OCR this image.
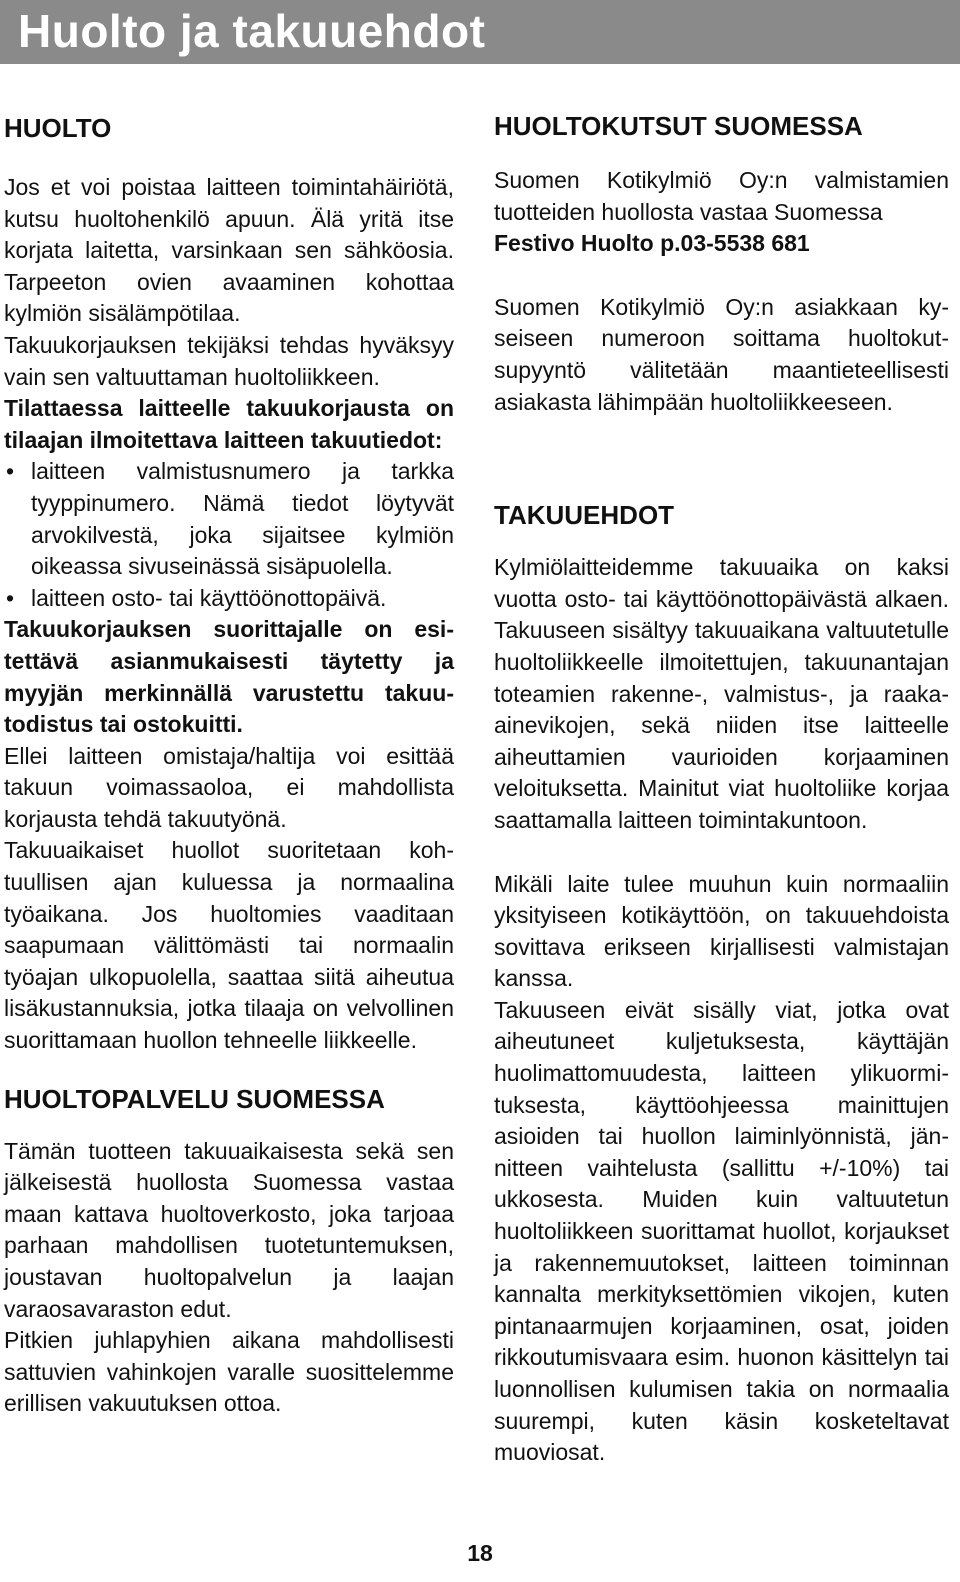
Huolto ja takuuehdot
HUOLTO

Jos et voi poistaa laitteen toimintahäiriötä, kutsu huoltohenkilö apuun. Älä yritä itse korjata laitetta, varsinkaan sen sähköosia. Tarpeeton ovien avaaminen kohottaa kylmiön sisälämpötilaa.

Takuukorjauksen tekijäksi tehdas hyväksyy vain sen valtuuttaman huoltoliikkeen.

Tilattaessa laitteelle takuukorjausta on tilaajan ilmoitettava laitteen takuutiedot:

• laitteen valmistusnumero ja tarkka tyyppinumero. Nämä tiedot löytyvät arvokilvestä, joka sijaitsee kylmiön oikeassa sivuseinässä sisäpuolella.
• laitteen osto- tai käyttöönottopäivä.

Takuukorjauksen suorittajalle on esitettävä asianmukaisesti täytetty ja myyjän merkinnällä varustettu takuutodistus tai ostokuitti.

Ellei laitteen omistaja/haltija voi esittää takuun voimassaoloa, ei mahdollista korjausta tehdä takuutyönä.

Takuuaikaiset huollot suoritetaan kohtuullisen ajan kuluessa ja normaalina työaikana. Jos huoltomies vaaditaan saapumaan välittömästi tai normaalin työajan ulkopuolella, saattaa siitä aiheutua lisäkustannuksia, jotka tilaaja on velvollinen suorittamaan huollon tehneelle liikkeelle.

HUOLTOPALVELU SUOMESSA

Tämän tuotteen takuuaikaisesta sekä sen jälkeisestä huollosta Suomessa vastaa maan kattava huoltoverkosto, joka tarjoaa parhaan mahdollisen tuotetuntemuksen, joustavan huoltopalvelun ja laajan varaosavaraston edut.

Pitkien juhlapyhien aikana mahdollisesti sattuvien vahinkojen varalle suosittelemme erillisen vakuutuksen ottoa.

HUOLTOKUTSUT SUOMESSA

Suomen Kotikylmiö Oy:n valmistamien tuotteiden huollosta vastaa Suomessa

Festivo Huolto p.03-5538 681

Suomen Kotikylmiö Oy:n asiakkaan kyseiseen numeroon soittama huoltokutsupyyntö välitetään maantieteellisesti asiakasta lähimpään huoltoliikkeeseen.

TAKUUEHDOT

Kylmiölaitteidemme takuuaika on kaksi vuotta osto- tai käyttöönottopäivästä alkaen. Takuuseen sisältyy takuuaikana valtuutetulle huoltoliikkeelle ilmoitettujen, takuunantajan toteamien rakenne-, valmistus-, ja raaka-ainevikojen, sekä niiden itse laitteelle aiheuttamien vaurioiden korjaaminen veloituksetta. Mainitut viat huoltoliike korjaa saattamalla laitteen toimintakuntoon.

Mikäli laite tulee muuhun kuin normaaliin yksityiseen kotikäyttöön, on takuuehdoista sovittava erikseen kirjallisesti valmistajan kanssa.

Takuuseen eivät sisälly viat, jotka ovat aiheutuneet kuljetuksesta, käyttäjän huolimattomuudesta, laitteen ylikuormituksesta, käyttöohjeessa mainittujen asioiden tai huollon laiminlyönnistä, jännitteen vaihtelusta (sallittu +/-10%) tai ukkosesta. Muiden kuin valtuutetun huoltoliikkeen suorittamat huollot, korjaukset ja rakennemuutokset, laitteen toiminnan kannalta merkityksettömien vikojen, kuten pintanaarmujen korjaaminen, osat, joiden rikkoutumisvaara esim. huonon käsittelyn tai luonnollisen kulumisen takia on normaalia suurempi, kuten käsin kosketeltavat muoviosat.

18
